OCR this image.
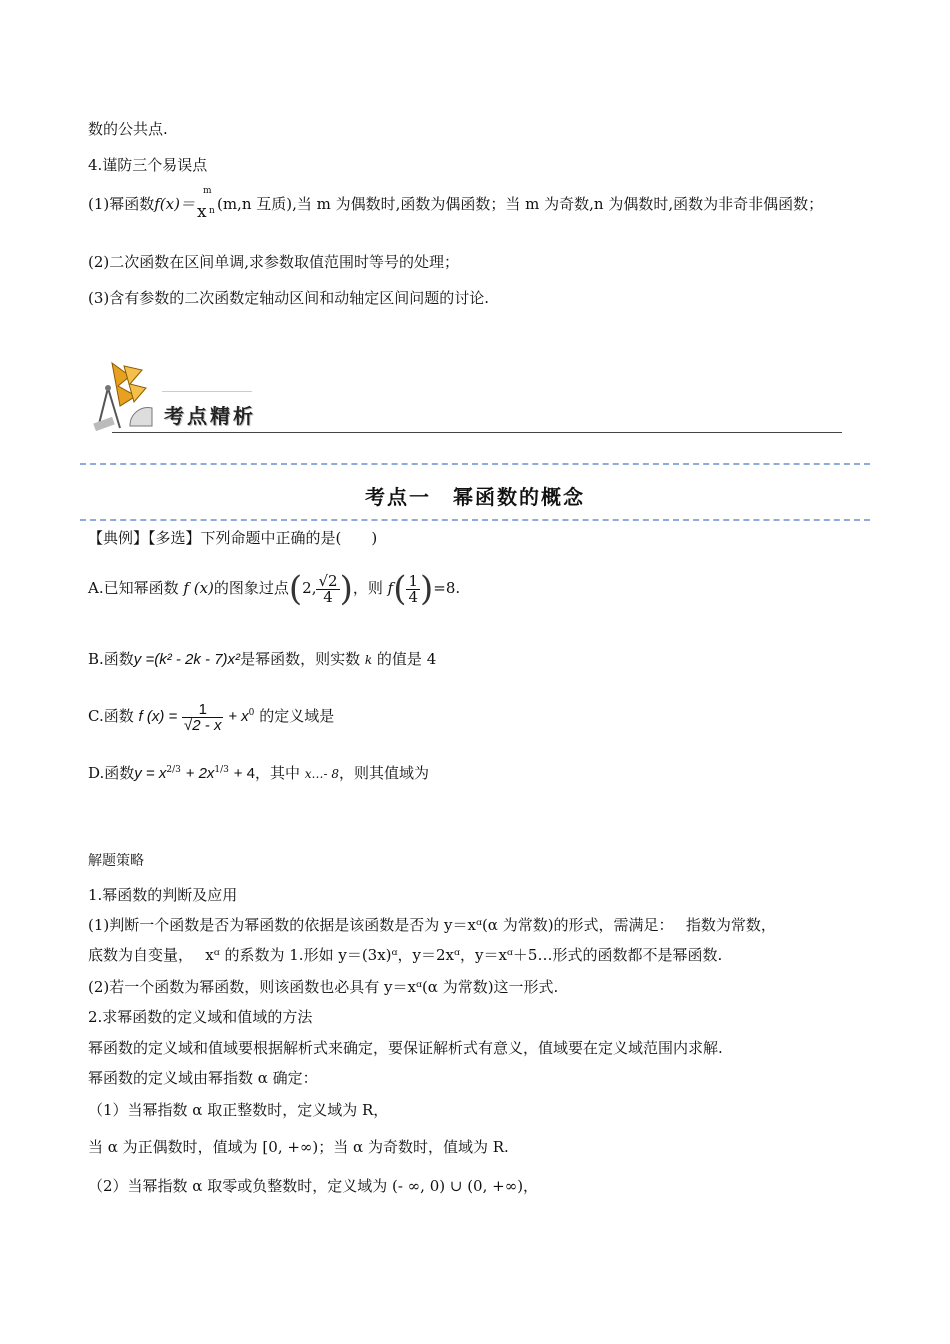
数的公共点.
4.谨防三个易误点
(1)幂函数f(x)＝
m
n
x (m,n 互质),当 m 为偶数时,函数为偶函数；当 m 为奇数,n 为偶数时,函数为非奇非偶函数；
(2)二次函数在区间单调,求参数取值范围时等号的处理；
(3)含有参数的二次函数定轴动区间和动轴定区间问题的讨论.
考点精析
考点一　幂函数的概念
【典例】【多选】下列命题中正确的是(　　)
A.已知幂函数 f (x)的图象过点(2, $\frac{√2}{4}$ )，则 $f( \frac{1}{4} )=8$.
B.函数y =(k² - 2k - 7)x²是幂函数，则实数 k 的值是 4
C.函数 f $(x) = \frac{1}{√2 - x} + x^0$ 的定义域是
D.函数$y = x^{2/3} + 2x^{1/3} + 4$，其中 x…- 8，则其值域为
解题策略
1.幂函数的判断及应用
(1)判断一个函数是否为幂函数的依据是该函数是否为 y＝xᵅ(α 为常数)的形式，需满足：　 指数为常数，
底数为自变量，　 xᵅ 的系数为 1.形如 y＝(3x)ᵅ，y＝2xᵅ，y＝xᵅ＋5…形式的函数都不是幂函数.
(2)若一个函数为幂函数，则该函数也必具有 y＝xᵅ(α 为常数)这一形式.
2.求幂函数的定义域和值域的方法
幂函数的定义域和值域要根据解析式来确定，要保证解析式有意义，值域要在定义域范围内求解.
幂函数的定义域由幂指数 α 确定：
（1）当幂指数 α 取正整数时，定义域为 R，
当 α 为正偶数时，值域为 [0, +∞)；当 α 为奇数时，值域为 R.
（2）当幂指数 α 取零或负整数时，定义域为 (- ∞, 0) ∪ (0, +∞)，
